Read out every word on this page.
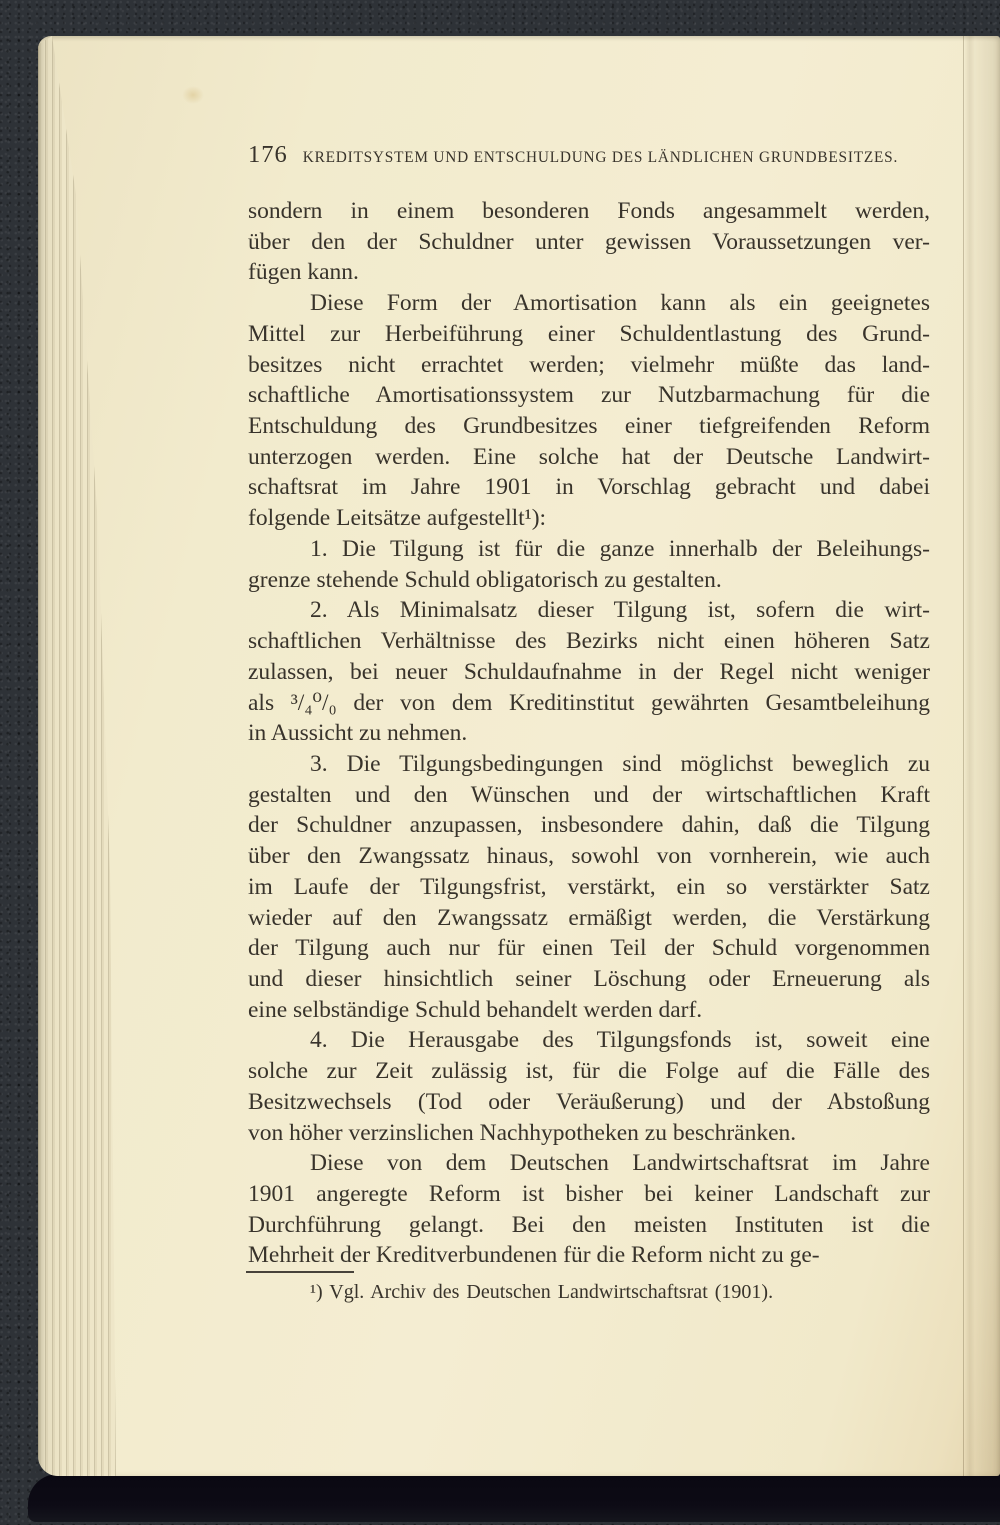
176 KREDITSYSTEM UND ENTSCHULDUNG DES LÄNDLICHEN GRUNDBESITZES.
sondern in einem besonderen Fonds angesammelt werden,
über den der Schuldner unter gewissen Voraussetzungen ver-
fügen kann.
Diese Form der Amortisation kann als ein geeignetes
Mittel zur Herbeiführung einer Schuldentlastung des Grund-
besitzes nicht errachtet werden; vielmehr müßte das land-
schaftliche Amortisationssystem zur Nutzbarmachung für die
Entschuldung des Grundbesitzes einer tiefgreifenden Reform
unterzogen werden. Eine solche hat der Deutsche Landwirt-
schaftsrat im Jahre 1901 in Vorschlag gebracht und dabei
folgende Leitsätze aufgestellt¹):
1. Die Tilgung ist für die ganze innerhalb der Beleihungs-
grenze stehende Schuld obligatorisch zu gestalten.
2. Als Minimalsatz dieser Tilgung ist, sofern die wirt-
schaftlichen Verhältnisse des Bezirks nicht einen höheren Satz
zulassen, bei neuer Schuldaufnahme in der Regel nicht weniger
als ³/₄⁰/₀ der von dem Kreditinstitut gewährten Gesamtbeleihung
in Aussicht zu nehmen.
3. Die Tilgungsbedingungen sind möglichst beweglich zu
gestalten und den Wünschen und der wirtschaftlichen Kraft
der Schuldner anzupassen, insbesondere dahin, daß die Tilgung
über den Zwangssatz hinaus, sowohl von vornherein, wie auch
im Laufe der Tilgungsfrist, verstärkt, ein so verstärkter Satz
wieder auf den Zwangssatz ermäßigt werden, die Verstärkung
der Tilgung auch nur für einen Teil der Schuld vorgenommen
und dieser hinsichtlich seiner Löschung oder Erneuerung als
eine selbständige Schuld behandelt werden darf.
4. Die Herausgabe des Tilgungsfonds ist, soweit eine
solche zur Zeit zulässig ist, für die Folge auf die Fälle des
Besitzwechsels (Tod oder Veräußerung) und der Abstoßung
von höher verzinslichen Nachhypotheken zu beschränken.
Diese von dem Deutschen Landwirtschaftsrat im Jahre
1901 angeregte Reform ist bisher bei keiner Landschaft zur
Durchführung gelangt. Bei den meisten Instituten ist die
Mehrheit der Kreditverbundenen für die Reform nicht zu ge-
¹) Vgl. Archiv des Deutschen Landwirtschaftsrat (1901).
